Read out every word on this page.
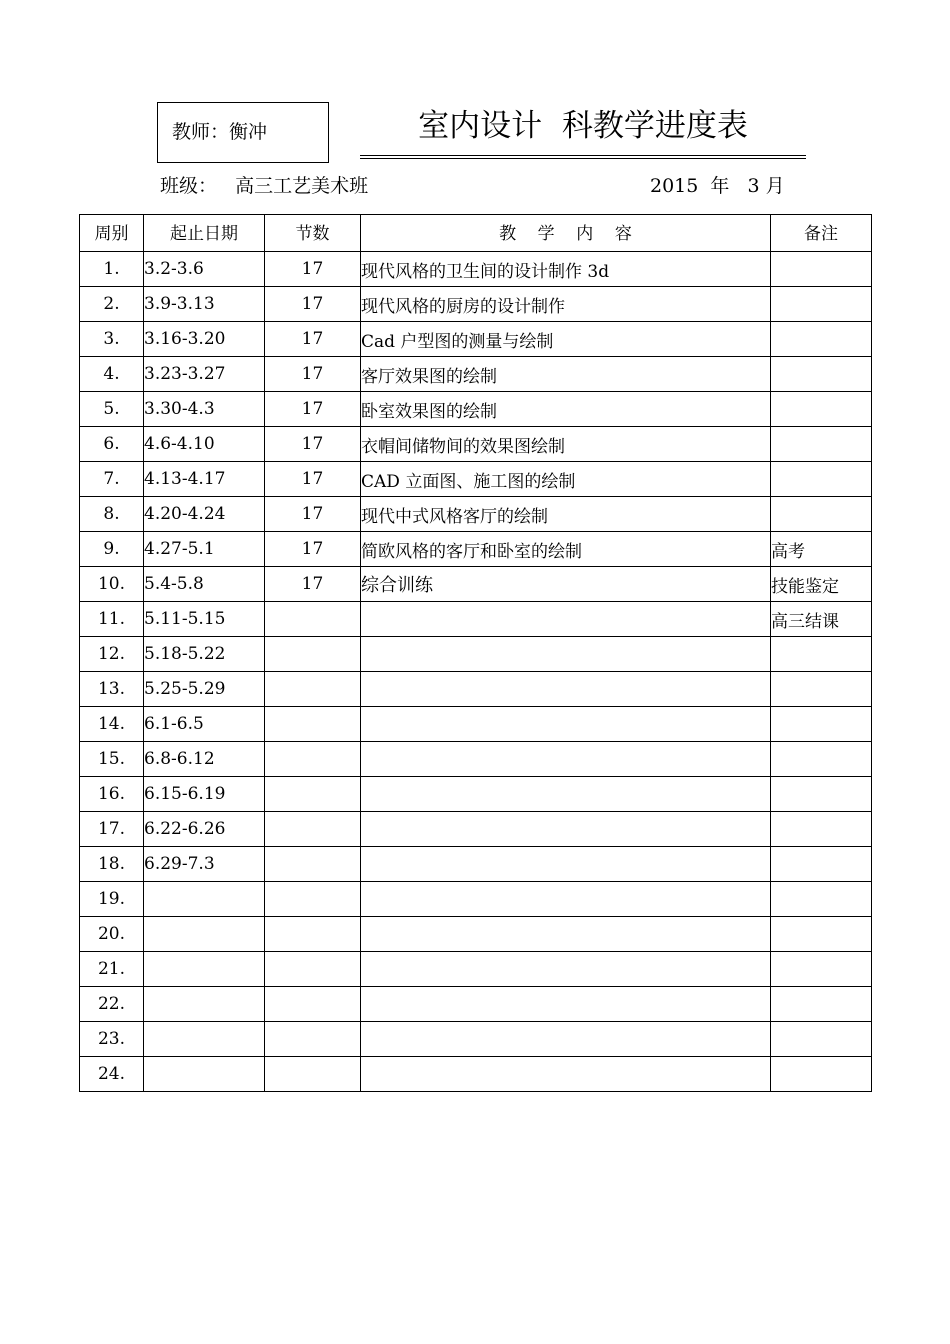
教师：衡冲	室内设计  科教学进度表
班级：   高三工艺美术班	2015  年   3 月
周别	起止日期	节数	教    学    内    容	备注
1.	3.2-3.6	17	现代风格的卫生间的设计制作 3d	
2.	3.9-3.13	17	现代风格的厨房的设计制作	
3.	3.16-3.20	17	Cad 户型图的测量与绘制	
4.	3.23-3.27	17	客厅效果图的绘制	
5.	3.30-4.3	17	卧室效果图的绘制	
6.	4.6-4.10	17	衣帽间储物间的效果图绘制	
7.	4.13-4.17	17	CAD 立面图、施工图的绘制	
8.	4.20-4.24	17	现代中式风格客厅的绘制	
9.	4.27-5.1	17	简欧风格的客厅和卧室的绘制	高考
10.	5.4-5.8	17	综合训练	技能鉴定
11.	5.11-5.15			高三结课
12.	5.18-5.22			
13.	5.25-5.29			
14.	6.1-6.5			
15.	6.8-6.12			
16.	6.15-6.19			
17.	6.22-6.26			
18.	6.29-7.3			
19.				
20.				
21.				
22.				
23.				
24.				
